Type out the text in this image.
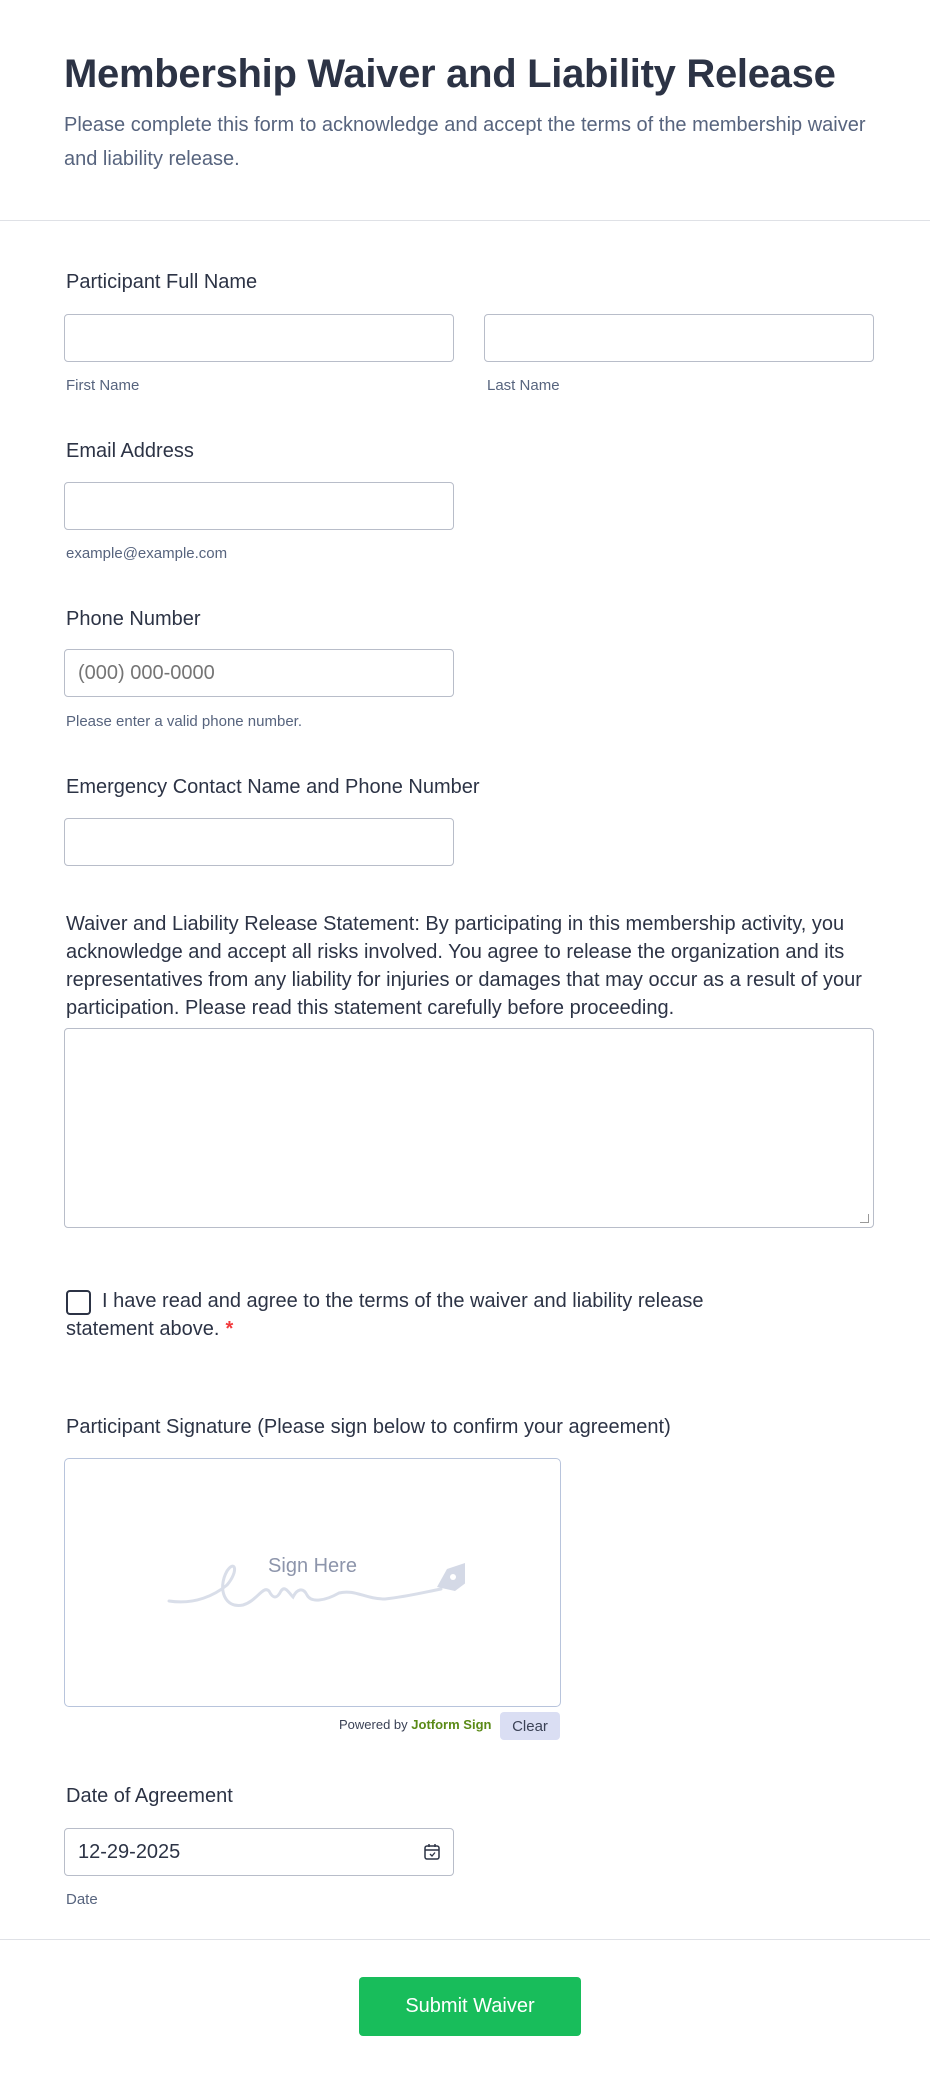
Membership Waiver and Liability Release
Please complete this form to acknowledge and accept the terms of the membership waiver and liability release.
Participant Full Name
First Name	Last Name
Email Address
example@example.com
Phone Number
(000) 000-0000
Please enter a valid phone number.
Emergency Contact Name and Phone Number
Waiver and Liability Release Statement: By participating in this membership activity, you acknowledge and accept all risks involved. You agree to release the organization and its representatives from any liability for injuries or damages that may occur as a result of your participation. Please read this statement carefully before proceeding.
I have read and agree to the terms of the waiver and liability release statement above. *
Participant Signature (Please sign below to confirm your agreement)
Sign Here
Powered by Jotform Sign	Clear
Date of Agreement
12-29-2025
Date
Submit Waiver
